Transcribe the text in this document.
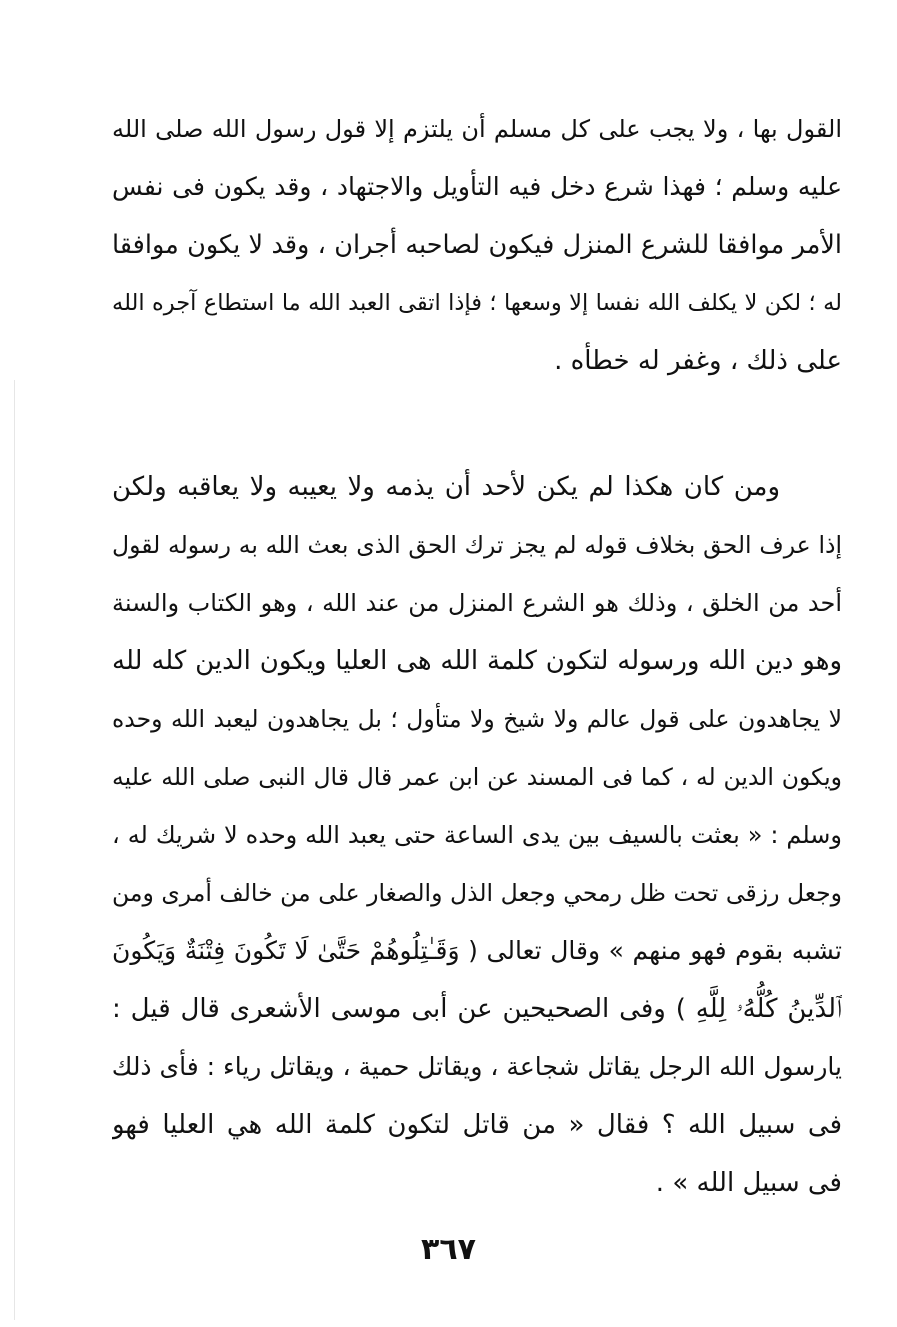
القول بها ، ولا يجب على كل مسلم أن يلتزم إلا قول رسول الله صلى الله
عليه وسلم ؛ فهذا شرع دخل فيه التأويل والاجتهاد ، وقد يكون فى نفس
الأمر موافقا للشرع المنزل فيكون لصاحبه أجران ، وقد لا يكون موافقا
له ؛ لكن لا يكلف الله نفسا إلا وسعها ؛ فإذا اتقى العبد الله ما استطاع آجره الله
على ذلك ، وغفر له خطأه .
ومن كان هكذا لم يكن لأحد أن يذمه ولا يعيبه ولا يعاقبه ولكن
إذا عرف الحق بخلاف قوله لم يجز ترك الحق الذى بعث الله به رسوله لقول
أحد من الخلق ، وذلك هو الشرع المنزل من عند الله ، وهو الكتاب والسنة
وهو دين الله ورسوله لتكون كلمة الله هى العليا ويكون الدين كله لله
لا يجاهدون على قول عالم ولا شيخ ولا متأول ؛ بل يجاهدون ليعبد الله وحده
ويكون الدين له ، كما فى المسند عن ابن عمر قال قال النبى صلى الله عليه
وسلم : « بعثت بالسيف بين يدى الساعة حتى يعبد الله وحده لا شريك له ،
وجعل رزقى تحت ظل رمحي وجعل الذل والصغار على من خالف أمرى ومن
تشبه بقوم فهو منهم » وقال تعالى ( وَقَـٰتِلُوهُمْ حَتَّىٰ لَا تَكُونَ فِتْنَةٌ وَيَكُونَ
ٱلدِّينُ كُلُّهُۥ لِلَّهِ ) وفى الصحيحين عن أبى موسى الأشعرى قال قيل :
يارسول الله الرجل يقاتل شجاعة ، ويقاتل حمية ، ويقاتل رياء : فأى ذلك
فى سبيل الله ؟ فقال « من قاتل لتكون كلمة الله هي العليا فهو
فى سبيل الله » .
٣٦٧
